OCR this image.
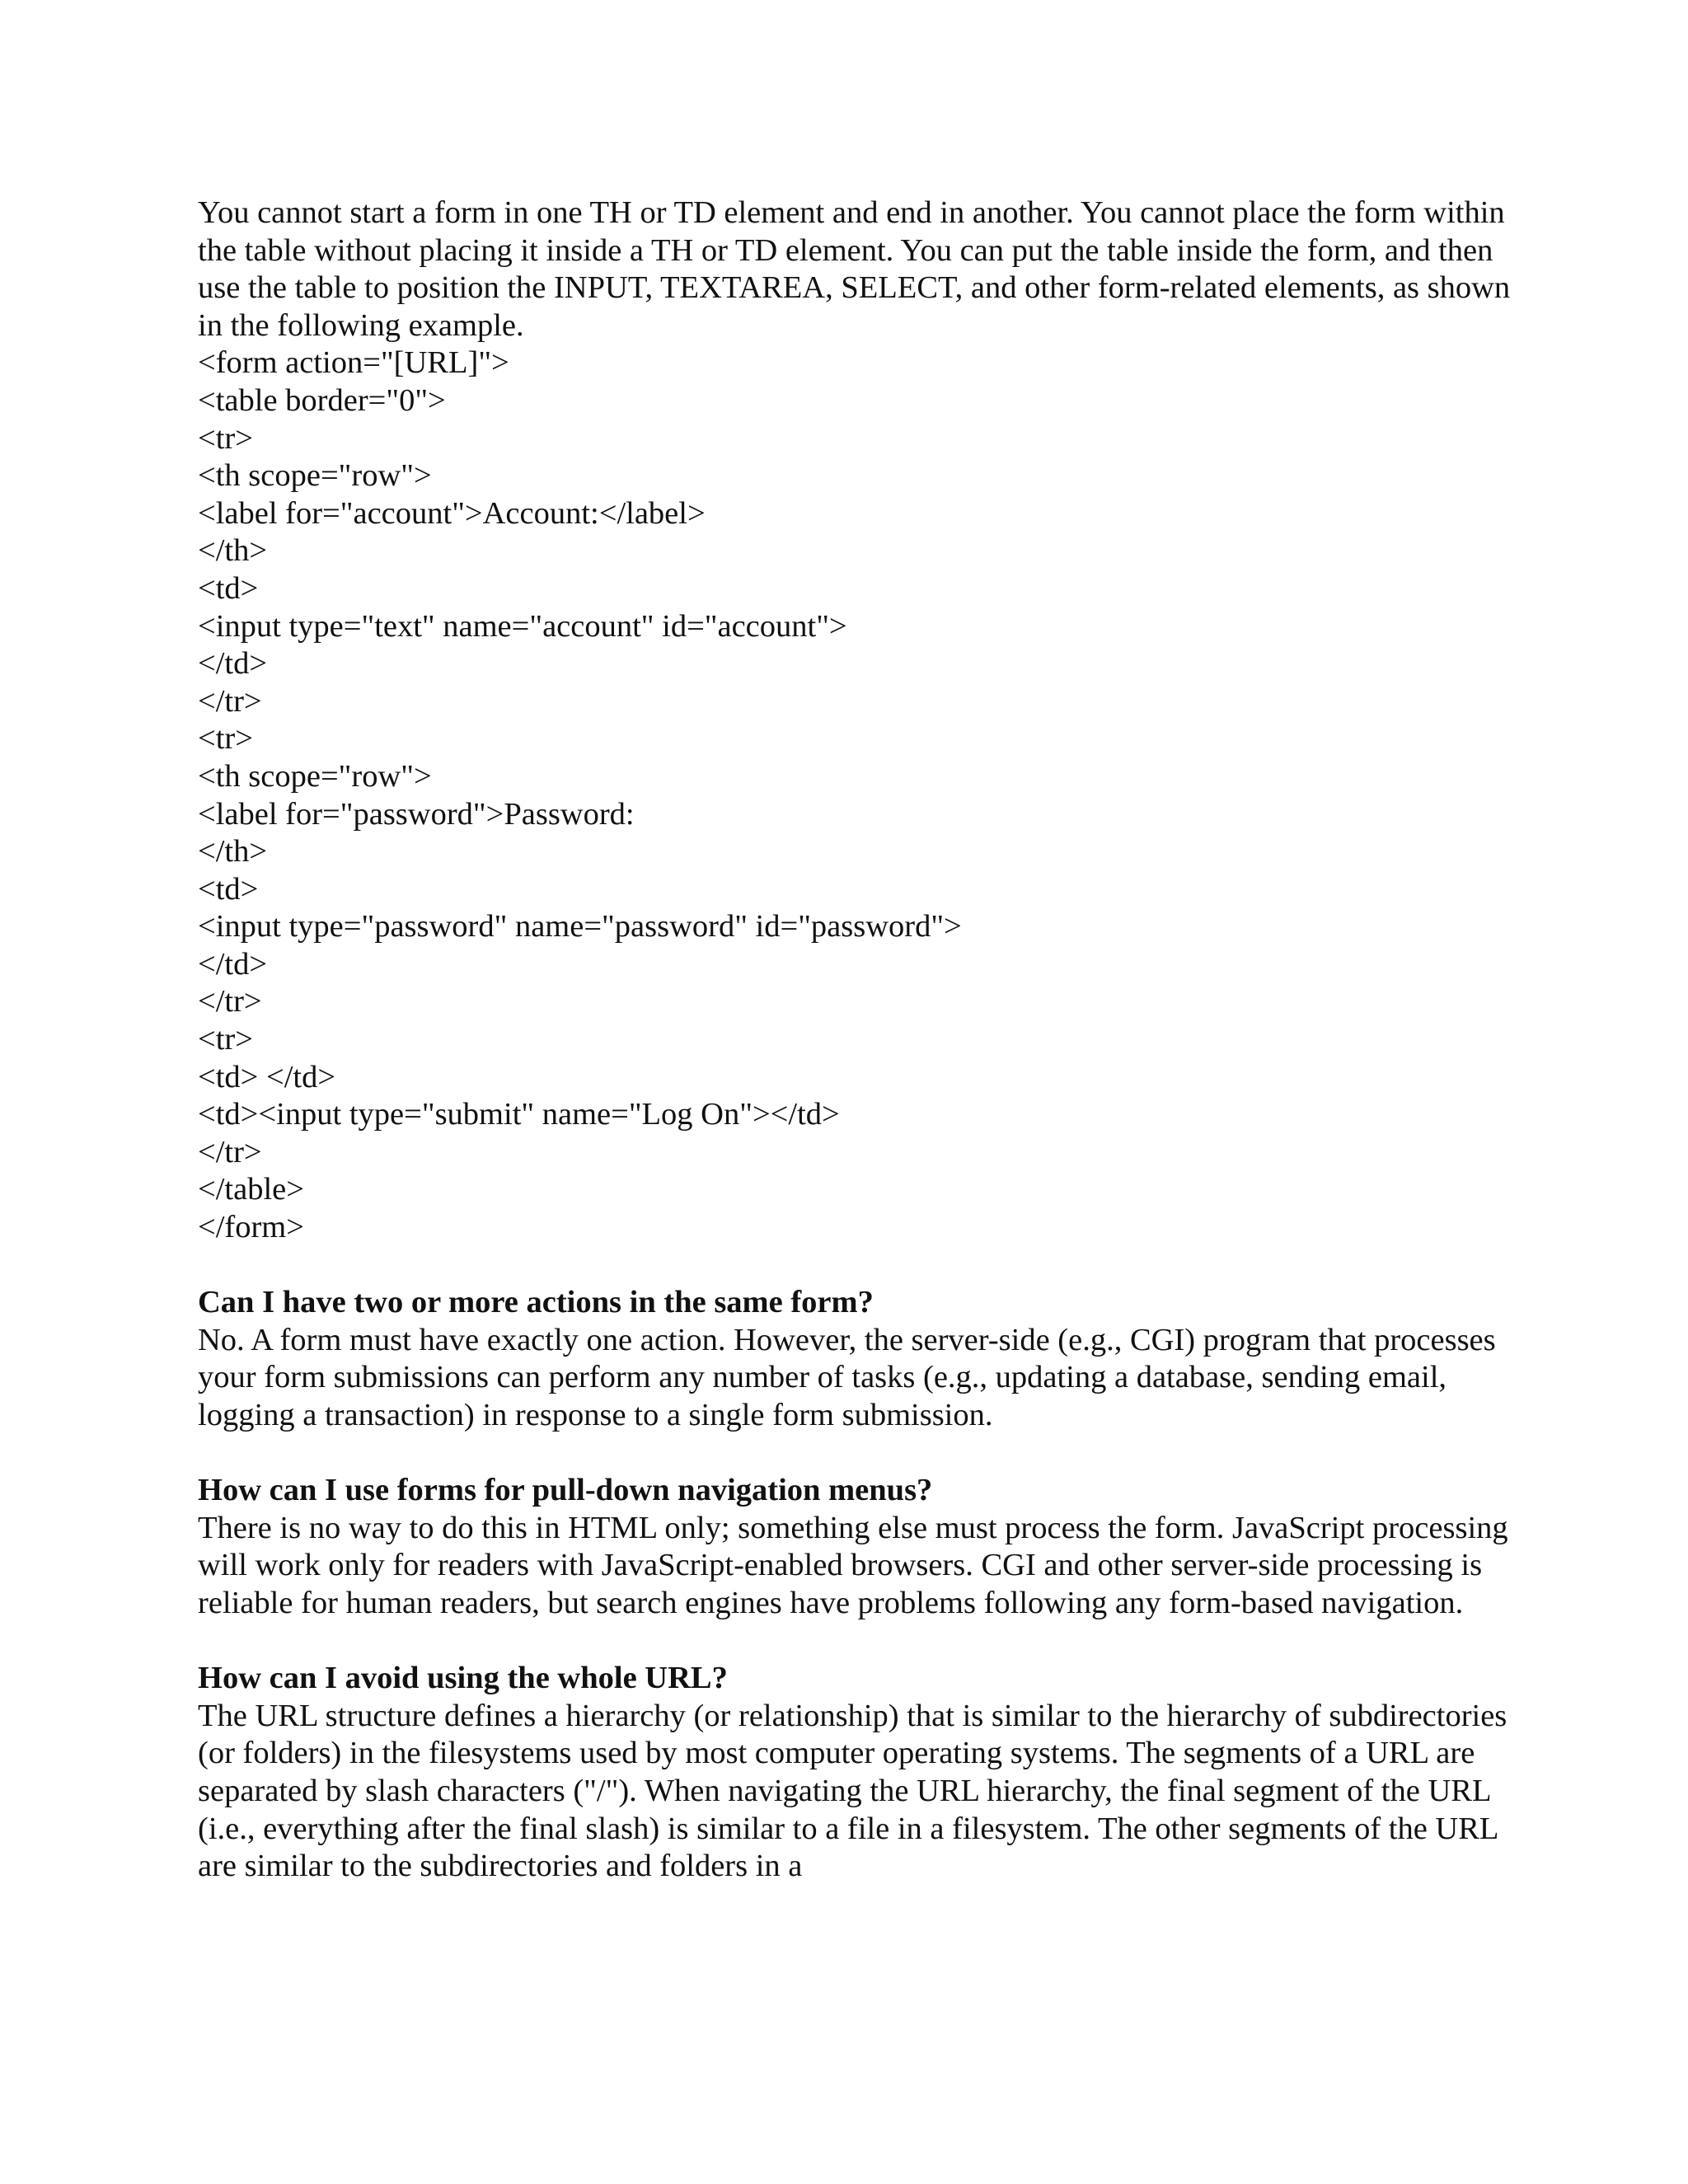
You cannot start a form in one TH or TD element and end in another. You cannot place the form within the table without placing it inside a TH or TD element. You can put the table inside the form, and then use the table to position the INPUT, TEXTAREA, SELECT, and other form-related elements, as shown in the following example.

<form action="[URL]">
<table border="0">
<tr>
<th scope="row">
<label for="account">Account:</label>
</th>
<td>
<input type="text" name="account" id="account">
</td>
</tr>
<tr>
<th scope="row">
<label for="password">Password:
</th>
<td>
<input type="password" name="password" id="password">
</td>
</tr>
<tr>
<td> </td>
<td><input type="submit" name="Log On"></td>
</tr>
</table>
</form>

Can I have two or more actions in the same form?

No. A form must have exactly one action. However, the server-side (e.g., CGI) program that processes your form submissions can perform any number of tasks (e.g., updating a database, sending email, logging a transaction) in response to a single form submission.

How can I use forms for pull-down navigation menus?

There is no way to do this in HTML only; something else must process the form. JavaScript processing will work only for readers with JavaScript-enabled browsers. CGI and other server-side processing is reliable for human readers, but search engines have problems following any form-based navigation.

How can I avoid using the whole URL?

The URL structure defines a hierarchy (or relationship) that is similar to the hierarchy of subdirectories (or folders) in the filesystems used by most computer operating systems. The segments of a URL are separated by slash characters ("/"). When navigating the URL hierarchy, the final segment of the URL (i.e., everything after the final slash) is similar to a file in a filesystem. The other segments of the URL are similar to the subdirectories and folders in a
